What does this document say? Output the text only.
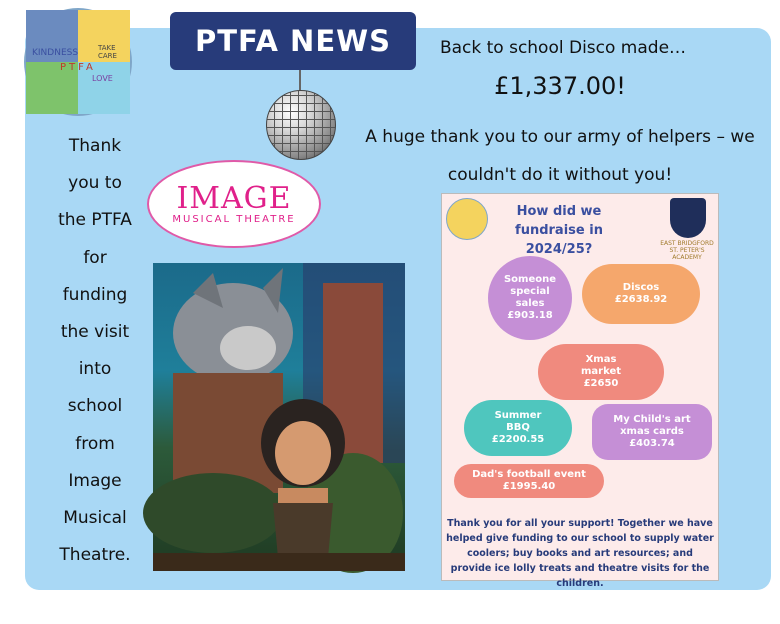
KINDNESS	TAKE CARE
PTFA
LOVE
PTFA NEWS	Back to school Disco made…
£1,337.00!
A huge thank you to our army of helpers – we couldn't do it without you!
Thank
you to
the PTFA
for
funding
the visit
into
school
from
Image
Musical
Theatre.
IMAGE
MUSICAL THEATRE	How did we fundraise in 2024/25?	EAST BRIDGFORD ST. PETER'S ACADEMY
Someone special sales
£903.18
Discos
£2638.92
Xmas market
£2650
Summer BBQ
£2200.55
My Child's art xmas cards
£403.74
Dad's football event
£1995.40
Thank you for all your support! Together we have helped give funding to our school to supply water coolers; buy books and art resources; and provide ice lolly treats and theatre visits for the children.
